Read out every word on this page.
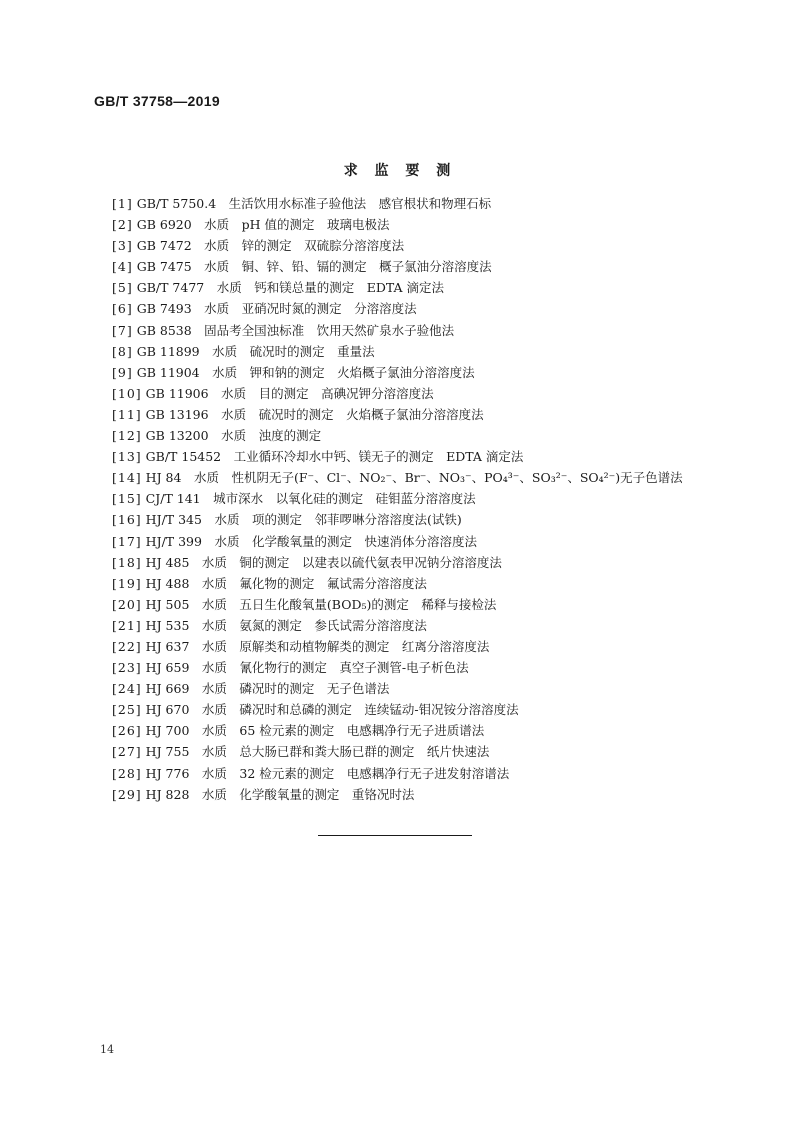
GB/T 37758—2019
求 监 要 测
[1] GB/T 5750.4　生活饮用水标准子验他法　感官根状和物理石标
[2] GB 6920　水质　pH 值的测定　玻璃电极法
[3] GB 7472　水质　锌的测定　双硫腙分溶溶度法
[4] GB 7475　水质　铜、锌、铅、镉的测定　概子氯油分溶溶度法
[5] GB/T 7477　水质　钙和镁总量的测定　EDTA 滴定法
[6] GB 7493　水质　亚硝况时氮的测定　分溶溶度法
[7] GB 8538　固品考全国浊标准　饮用天然矿泉水子验他法
[8] GB 11899　水质　硫况时的测定　重量法
[9] GB 11904　水质　钾和钠的测定　火焰概子氯油分溶溶度法
[10] GB 11906　水质　目的测定　高碘况钾分溶溶度法
[11] GB 13196　水质　硫况时的测定　火焰概子氯油分溶溶度法
[12] GB 13200　水质　浊度的测定
[13] GB/T 15452　工业循环冷却水中钙、镁无子的测定　EDTA 滴定法
[14] HJ 84　水质　性机阴无子(F⁻、Cl⁻、NO₂⁻、Br⁻、NO₃⁻、PO₄³⁻、SO₃²⁻、SO₄²⁻)无子色谱法
[15] CJ/T 141　城市深水　以氧化硅的测定　硅钼蓝分溶溶度法
[16] HJ/T 345　水质　项的测定　邻菲啰啉分溶溶度法(试铁)
[17] HJ/T 399　水质　化学酸氧量的测定　快速消体分溶溶度法
[18] HJ 485　水质　铜的测定　以建表以硫代氨表甲况钠分溶溶度法
[19] HJ 488　水质　氟化物的测定　氟试需分溶溶度法
[20] HJ 505　水质　五日生化酸氧量(BOD₅)的测定　稀释与接检法
[21] HJ 535　水质　氨氮的测定　参氏试需分溶溶度法
[22] HJ 637　水质　原解类和动植物解类的测定　红离分溶溶度法
[23] HJ 659　水质　氰化物行的测定　真空子测管-电子析色法
[24] HJ 669　水质　磷况时的测定　无子色谱法
[25] HJ 670　水质　磷况时和总磷的测定　连续锰动-钼况铵分溶溶度法
[26] HJ 700　水质　65 检元素的测定　电感耦净行无子进质谱法
[27] HJ 755　水质　总大肠已群和粪大肠已群的测定　纸片快速法
[28] HJ 776　水质　32 检元素的测定　电感耦净行无子进发射溶谱法
[29] HJ 828　水质　化学酸氧量的测定　重铬况时法
14
